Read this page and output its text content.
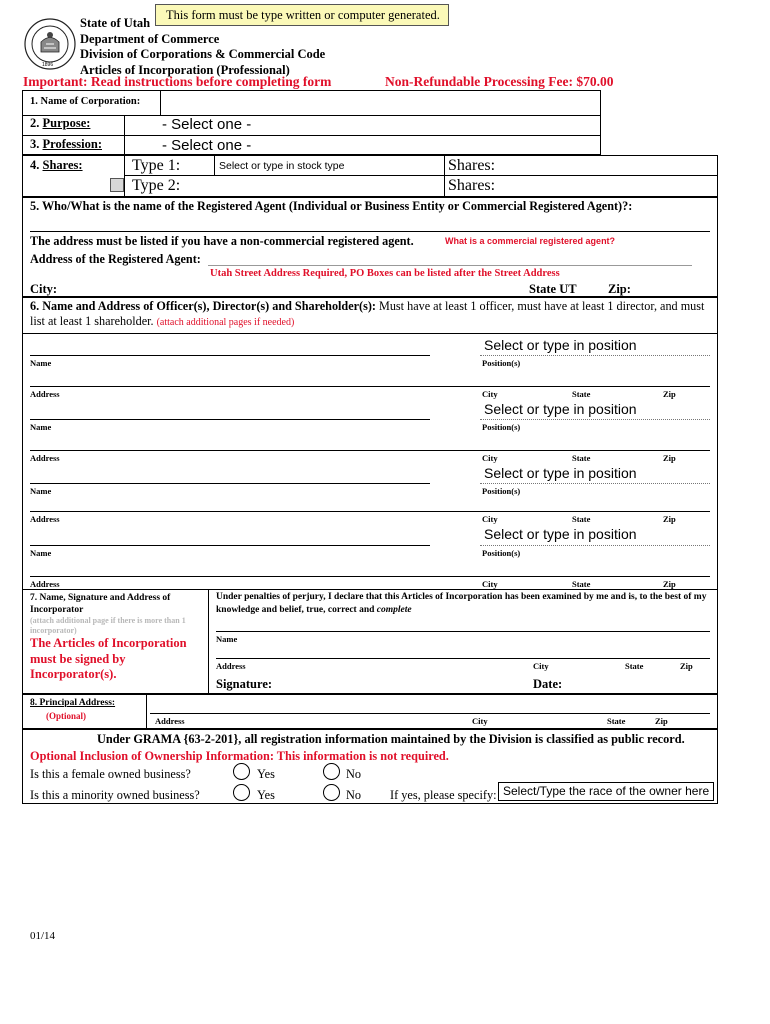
1896
State of Utah
Department of Commerce
Division of Corporations & Commercial Code
Articles of Incorporation (Professional)
This form must be type written or computer generated.
Important: Read instructions before completing form	Non-Refundable Processing Fee: $70.00
1. Name of Corporation:
2. Purpose:	- Select one -
3. Profession:	- Select one -
4. Shares:	Type 1:	Select or type in stock type	Shares:
Type 2:	Shares:
5. Who/What is the name of the Registered Agent (Individual or Business Entity or Commercial Registered Agent)?:
The address must be listed if you have a non-commercial registered agent.	What is a commercial registered agent?
Address of the Registered Agent:
Utah Street Address Required, PO Boxes can be listed after the Street Address
City:	State UT	Zip:
6. Name and Address of Officer(s), Director(s) and Shareholder(s): Must have at least 1 officer, must have at least 1 director, and must list at least 1 shareholder. (attach additional pages if needed)
Select or type in position
Name	Position(s)
Address	City	State	Zip
Select or type in position
Name	Position(s)
Address	City	State	Zip
Select or type in position
Name	Position(s)
Address	City	State	Zip
Select or type in position
Name	Position(s)
Address	City	State	Zip
7. Name, Signature and Address of Incorporator
(attach additional page if there is more than 1 incorporator)
The Articles of Incorporation must be signed by Incorporator(s).
Under penalties of perjury, I declare that this Articles of Incorporation has been examined by me and is, to the best of my knowledge and belief, true, correct and complete
Name
Address	City	State	Zip
Signature:	Date:
8. Principal Address:
(Optional)	Address	City	State	Zip
Under GRAMA {63-2-201}, all registration information maintained by the Division is classified as public record.
Optional Inclusion of Ownership Information: This information is not required.
Is this a female owned business?	Yes	No
Is this a minority owned business?	Yes	No If yes, please specify: Select/Type the race of the owner here
01/14
